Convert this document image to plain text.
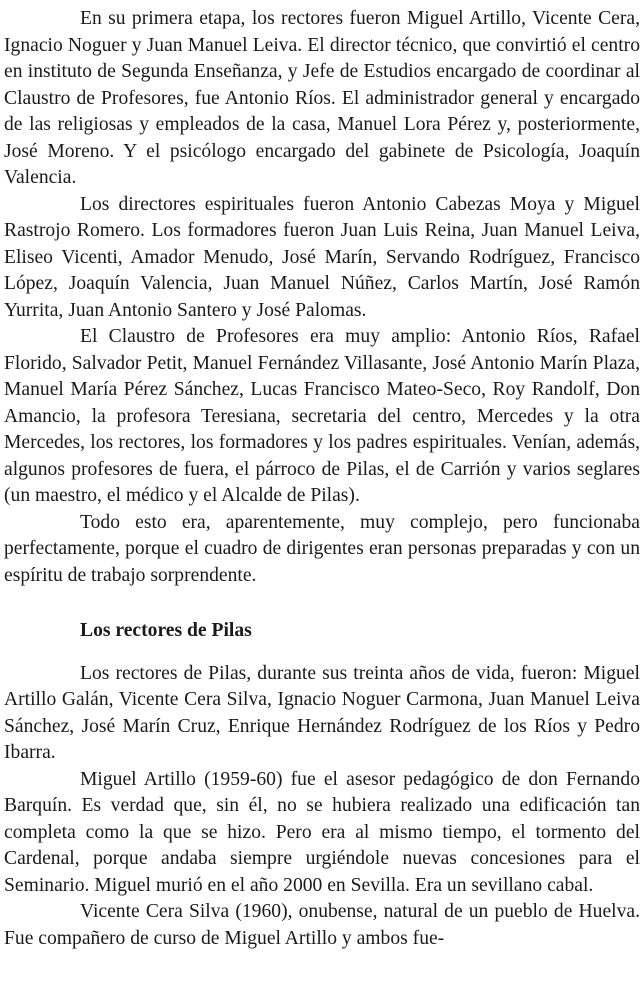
En su primera etapa, los rectores fueron Miguel Artillo, Vicente Cera, Ignacio Noguer y Juan Manuel Leiva. El director técnico, que convirtió el centro en instituto de Segunda Enseñanza, y Jefe de Estudios encargado de coordinar al Claustro de Profesores, fue Antonio Ríos. El administrador general y encargado de las religiosas y empleados de la casa, Manuel Lora Pérez y, posteriormente, José Moreno. Y el psicólogo encargado del gabinete de Psicología, Joaquín Valencia.

Los directores espirituales fueron Antonio Cabezas Moya y Miguel Rastrojo Romero. Los formadores fueron Juan Luis Reina, Juan Manuel Leiva, Eliseo Vicenti, Amador Menudo, José Marín, Servando Rodríguez, Francisco López, Joaquín Valencia, Juan Manuel Núñez, Carlos Martín, José Ramón Yurrita, Juan Antonio Santero y José Palomas.

El Claustro de Profesores era muy amplio: Antonio Ríos, Rafael Florido, Salvador Petit, Manuel Fernández Villasante, José Antonio Marín Plaza, Manuel María Pérez Sánchez, Lucas Francisco Mateo-Seco, Roy Randolf, Don Amancio, la profesora Teresiana, secretaria del centro, Mercedes y la otra Mercedes, los rectores, los formadores y los padres espirituales. Venían, además, algunos profesores de fuera, el párroco de Pilas, el de Carrión y varios seglares (un maestro, el médico y el Alcalde de Pilas).

Todo esto era, aparentemente, muy complejo, pero funcionaba perfectamente, porque el cuadro de dirigentes eran personas preparadas y con un espíritu de trabajo sorprendente.

Los rectores de Pilas

Los rectores de Pilas, durante sus treinta años de vida, fueron: Miguel Artillo Galán, Vicente Cera Silva, Ignacio Noguer Carmona, Juan Manuel Leiva Sánchez, José Marín Cruz, Enrique Hernández Rodríguez de los Ríos y Pedro Ibarra.

Miguel Artillo (1959-60) fue el asesor pedagógico de don Fernando Barquín. Es verdad que, sin él, no se hubiera realizado una edificación tan completa como la que se hizo. Pero era al mismo tiempo, el tormento del Cardenal, porque andaba siempre urgiéndole nuevas concesiones para el Seminario. Miguel murió en el año 2000 en Sevilla. Era un sevillano cabal.

Vicente Cera Silva (1960), onubense, natural de un pueblo de Huelva. Fue compañero de curso de Miguel Artillo y ambos fue-
